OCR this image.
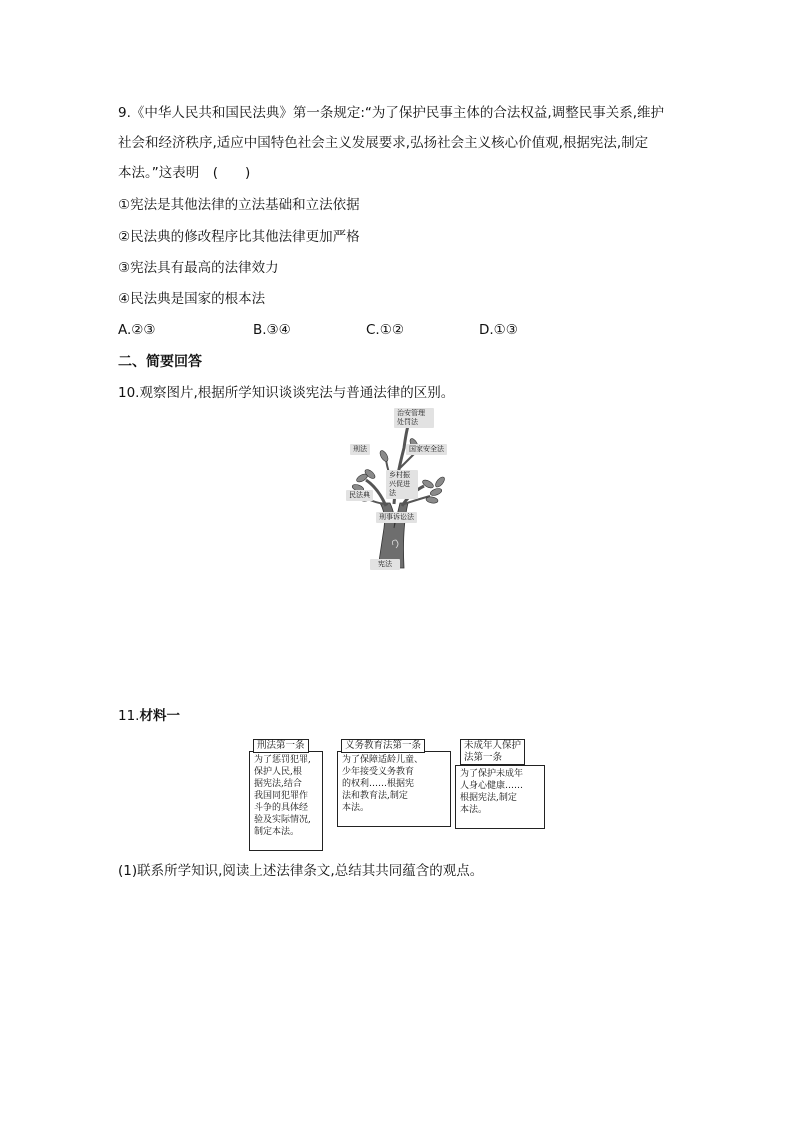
9.《中华人民共和国民法典》第一条规定:“为了保护民事主体的合法权益,调整民事关系,维护
社会和经济秩序,适应中国特色社会主义发展要求,弘扬社会主义核心价值观,根据宪法,制定
本法。”这表明　(　　)
①宪法是其他法律的立法基础和立法依据
②民法典的修改程序比其他法律更加严格
③宪法具有最高的法律效力
④民法典是国家的根本法
A.②③	B.③④	C.①②	D.①③
二、简要回答
10.观察图片,根据所学知识谈谈宪法与普通法律的区别。
治安管理处罚法
刑法	国家安全法
乡村振兴促进法
民法典
刑事诉讼法
宪法
11.材料一
为了惩罚犯罪,
保护人民,根
据宪法,结合
我国同犯罪作
斗争的具体经
验及实际情况,
制定本法。
刑法第一条
为了保障适龄儿童、
少年接受义务教育
的权利……根据宪
法和教育法,制定
本法。
义务教育法第一条
为了保护未成年
人身心健康……
根据宪法,制定
本法。
未成年人保护
法第一条
(1)联系所学知识,阅读上述法律条文,总结其共同蕴含的观点。
